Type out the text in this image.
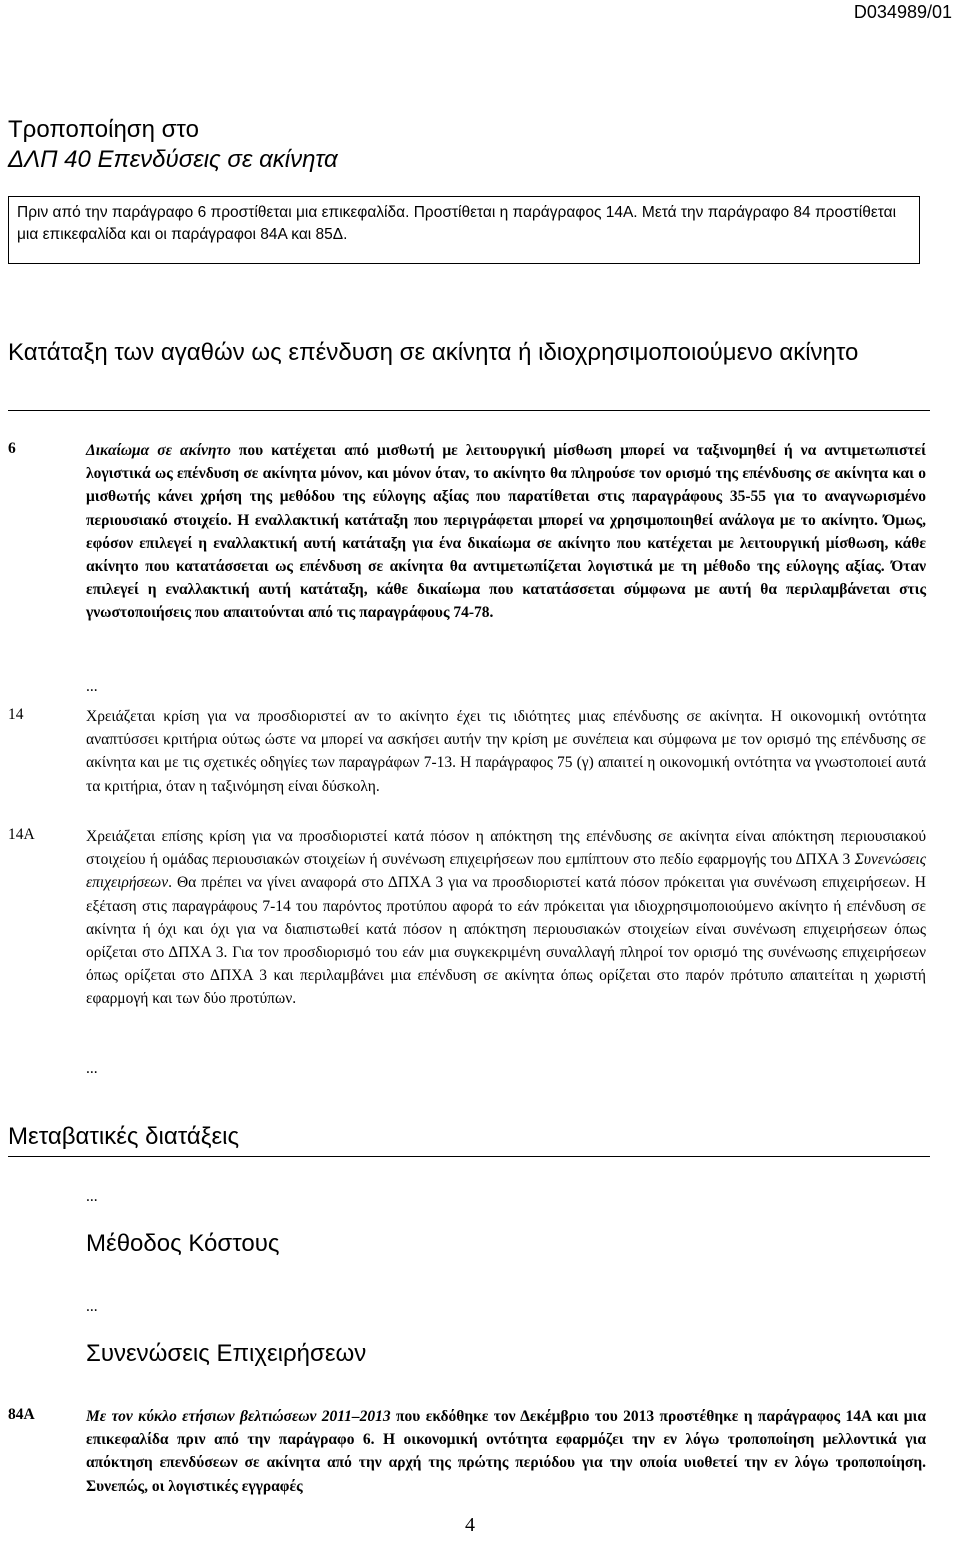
D034989/01
Τροποποίηση στο
ΔΛΠ 40 Επενδύσεις σε ακίνητα
Πριν από την παράγραφο 6 προστίθεται μια επικεφαλίδα. Προστίθεται η παράγραφος 14Α. Μετά την παράγραφο 84 προστίθεται μια επικεφαλίδα και οι παράγραφοι 84Α και 85Δ.
Κατάταξη των αγαθών ως επένδυση σε ακίνητα ή ιδιοχρησιμοποιούμενο ακίνητο
6	Δικαίωμα σε ακίνητο που κατέχεται από μισθωτή με λειτουργική μίσθωση μπορεί να ταξινομηθεί ή να αντιμετωπιστεί λογιστικά ως επένδυση σε ακίνητα μόνον, και μόνον όταν, το ακίνητο θα πληρούσε τον ορισμό της επένδυσης σε ακίνητα και ο μισθωτής κάνει χρήση της μεθόδου της εύλογης αξίας που παρατίθεται στις παραγράφους 35-55 για το αναγνωρισμένο περιουσιακό στοιχείο. Η εναλλακτική κατάταξη που περιγράφεται μπορεί να χρησιμοποιηθεί ανάλογα με το ακίνητο. Όμως, εφόσον επιλεγεί η εναλλακτική αυτή κατάταξη για ένα δικαίωμα σε ακίνητο που κατέχεται με λειτουργική μίσθωση, κάθε ακίνητο που κατατάσσεται ως επένδυση σε ακίνητα θα αντιμετωπίζεται λογιστικά με τη μέθοδο της εύλογης αξίας. Όταν επιλεγεί η εναλλακτική αυτή κατάταξη, κάθε δικαίωμα που κατατάσσεται σύμφωνα με αυτή θα περιλαμβάνεται στις γνωστοποιήσεις που απαιτούνται από τις παραγράφους 74-78.
...
14	Χρειάζεται κρίση για να προσδιοριστεί αν το ακίνητο έχει τις ιδιότητες μιας επένδυσης σε ακίνητα. Η οικονομική οντότητα αναπτύσσει κριτήρια ούτως ώστε να μπορεί να ασκήσει αυτήν την κρίση με συνέπεια και σύμφωνα με τον ορισμό της επένδυσης σε ακίνητα και με τις σχετικές οδηγίες των παραγράφων 7-13. Η παράγραφος 75 (γ) απαιτεί η οικονομική οντότητα να γνωστοποιεί αυτά τα κριτήρια, όταν η ταξινόμηση είναι δύσκολη.
14Α	Χρειάζεται επίσης κρίση για να προσδιοριστεί κατά πόσον η απόκτηση της επένδυσης σε ακίνητα είναι απόκτηση περιουσιακού στοιχείου ή ομάδας περιουσιακών στοιχείων ή συνένωση επιχειρήσεων που εμπίπτουν στο πεδίο εφαρμογής του ΔΠΧΑ 3 Συνενώσεις επιχειρήσεων. Θα πρέπει να γίνει αναφορά στο ΔΠΧΑ 3 για να προσδιοριστεί κατά πόσον πρόκειται για συνένωση επιχειρήσεων. Η εξέταση στις παραγράφους 7-14 του παρόντος προτύπου αφορά το εάν πρόκειται για ιδιοχρησιμοποιούμενο ακίνητο ή επένδυση σε ακίνητα ή όχι και όχι για να διαπιστωθεί κατά πόσον η απόκτηση περιουσιακών στοιχείων είναι συνένωση επιχειρήσεων όπως ορίζεται στο ΔΠΧΑ 3. Για τον προσδιορισμό του εάν μια συγκεκριμένη συναλλαγή πληροί τον ορισμό της συνένωσης επιχειρήσεων όπως ορίζεται στο ΔΠΧΑ 3 και περιλαμβάνει μια επένδυση σε ακίνητα όπως ορίζεται στο παρόν πρότυπο απαιτείται η χωριστή εφαρμογή και των δύο προτύπων.
...
Μεταβατικές διατάξεις
...
Μέθοδος Κόστους
...
Συνενώσεις Επιχειρήσεων
84Α	Με τον κύκλο ετήσιων βελτιώσεων 2011–2013 που εκδόθηκε τον Δεκέμβριο του 2013 προστέθηκε η παράγραφος 14Α και μια επικεφαλίδα πριν από την παράγραφο 6. Η οικονομική οντότητα εφαρμόζει την εν λόγω τροποποίηση μελλοντικά για απόκτηση επενδύσεων σε ακίνητα από την αρχή της πρώτης περιόδου για την οποία υιοθετεί την εν λόγω τροποποίηση. Συνεπώς, οι λογιστικές εγγραφές
4
